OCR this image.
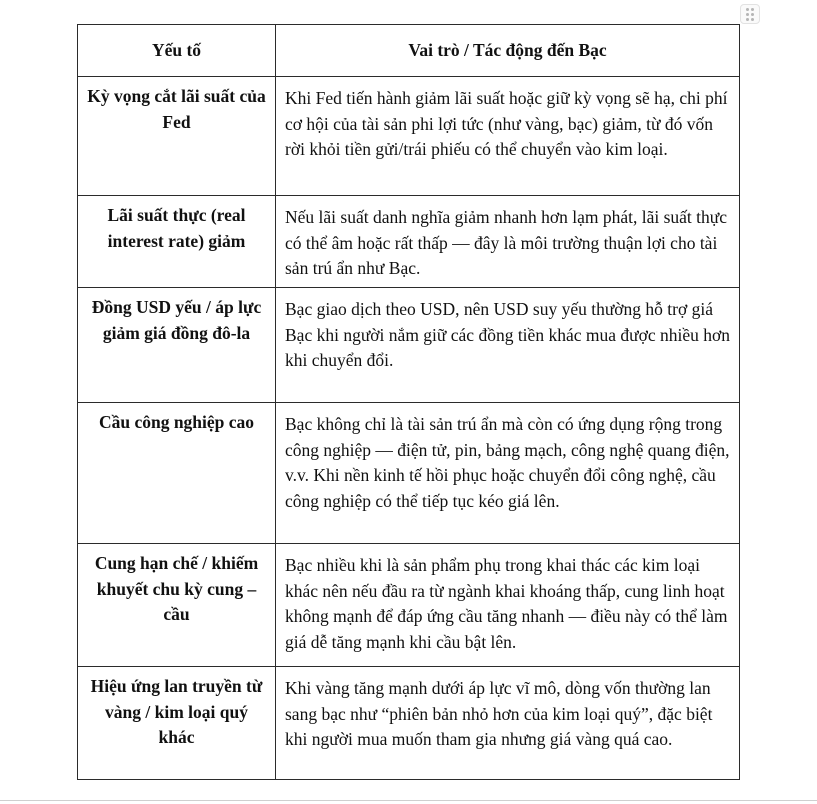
Yếu tố	Vai trò / Tác động đến Bạc
Kỳ vọng cắt lãi suất của Fed	Khi Fed tiến hành giảm lãi suất hoặc giữ kỳ vọng sẽ hạ, chi phí cơ hội của tài sản phi lợi tức (như vàng, bạc) giảm, từ đó vốn rời khỏi tiền gửi/trái phiếu có thể chuyển vào kim loại.
Lãi suất thực (real interest rate) giảm	Nếu lãi suất danh nghĩa giảm nhanh hơn lạm phát, lãi suất thực có thể âm hoặc rất thấp — đây là môi trường thuận lợi cho tài sản trú ẩn như Bạc.
Đồng USD yếu / áp lực giảm giá đồng đô-la	Bạc giao dịch theo USD, nên USD suy yếu thường hỗ trợ giá Bạc khi người nắm giữ các đồng tiền khác mua được nhiều hơn khi chuyển đổi.
Cầu công nghiệp cao	Bạc không chỉ là tài sản trú ẩn mà còn có ứng dụng rộng trong công nghiệp — điện tử, pin, bảng mạch, công nghệ quang điện, v.v. Khi nền kinh tế hồi phục hoặc chuyển đổi công nghệ, cầu công nghiệp có thể tiếp tục kéo giá lên.
Cung hạn chế / khiếm khuyết chu kỳ cung – cầu	Bạc nhiều khi là sản phẩm phụ trong khai thác các kim loại khác nên nếu đầu ra từ ngành khai khoáng thấp, cung linh hoạt không mạnh để đáp ứng cầu tăng nhanh — điều này có thể làm giá dễ tăng mạnh khi cầu bật lên.
Hiệu ứng lan truyền từ vàng / kim loại quý khác	Khi vàng tăng mạnh dưới áp lực vĩ mô, dòng vốn thường lan sang bạc như “phiên bản nhỏ hơn của kim loại quý”, đặc biệt khi người mua muốn tham gia nhưng giá vàng quá cao.
